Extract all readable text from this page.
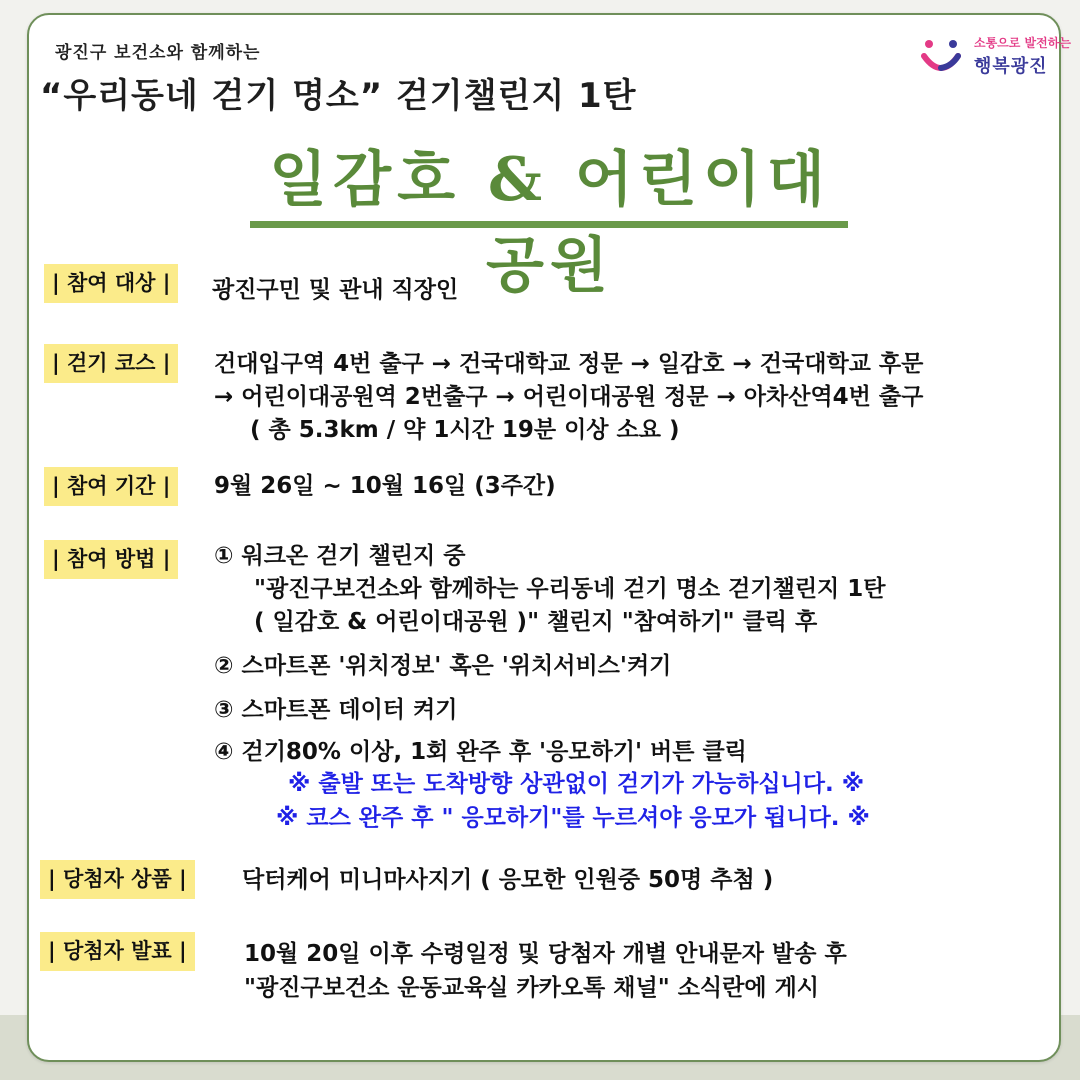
광진구 보건소와 함께하는
“우리동네 걷기 명소” 걷기챌린지 1탄
소통으로 발전하는
행복광진
일감호 & 어린이대공원
| 참여 대상 |	광진구민 및 관내 직장인
| 걷기 코스 |	건대입구역 4번 출구 → 건국대학교 정문 → 일감호 → 건국대학교 후문
→ 어린이대공원역 2번출구 → 어린이대공원 정문 → 아차산역4번 출구
( 총 5.3km / 약 1시간 19분 이상 소요 )
| 참여 기간 |	9월 26일 ~ 10월 16일 (3주간)
| 참여 방법 |	① 워크온 걷기 챌린지 중
"광진구보건소와 함께하는 우리동네 걷기 명소 걷기챌린지 1탄
( 일감호 & 어린이대공원 )" 챌린지 "참여하기" 클릭 후
② 스마트폰 '위치정보' 혹은 '위치서비스'켜기
③ 스마트폰 데이터 켜기
④ 걷기80% 이상, 1회 완주 후 '응모하기' 버튼 클릭
※ 출발 또는 도착방향 상관없이 걷기가 가능하십니다. ※
※ 코스 완주 후 " 응모하기"를 누르셔야 응모가 됩니다. ※
| 당첨자 상품 |	닥터케어 미니마사지기 ( 응모한 인원중 50명 추첨 )
| 당첨자 발표 |	10월 20일 이후 수령일정 및 당첨자 개별 안내문자 발송 후
"광진구보건소 운동교육실 카카오톡 채널" 소식란에 게시
